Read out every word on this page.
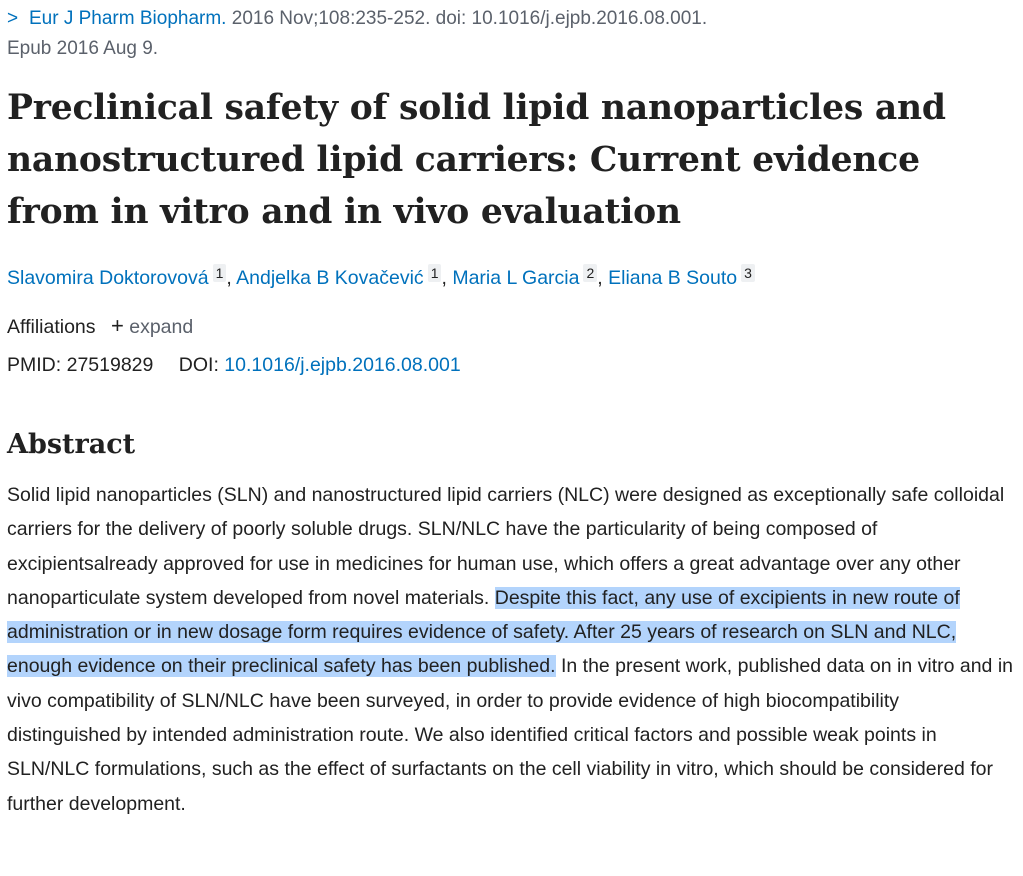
> Eur J Pharm Biopharm. 2016 Nov;108:235-252. doi: 10.1016/j.ejpb.2016.08.001.
Epub 2016 Aug 9.
Preclinical safety of solid lipid nanoparticles and nanostructured lipid carriers: Current evidence from in vitro and in vivo evaluation
Slavomira Doktorovová 1 , Andjelka B Kovačević 1 , Maria L Garcia 2 , Eliana B Souto 3
Affiliations + expand
PMID: 27519829 DOI: 10.1016/j.ejpb.2016.08.001
Abstract
Solid lipid nanoparticles (SLN) and nanostructured lipid carriers (NLC) were designed as exceptionally safe colloidal carriers for the delivery of poorly soluble drugs. SLN/NLC have the particularity of being composed of excipientsalready approved for use in medicines for human use, which offers a great advantage over any other nanoparticulate system developed from novel materials. Despite this fact, any use of excipients in new route of administration or in new dosage form requires evidence of safety. After 25 years of research on SLN and NLC, enough evidence on their preclinical safety has been published. In the present work, published data on in vitro and in vivo compatibility of SLN/NLC have been surveyed, in order to provide evidence of high biocompatibility distinguished by intended administration route. We also identified critical factors and possible weak points in SLN/NLC formulations, such as the effect of surfactants on the cell viability in vitro, which should be considered for further development.
